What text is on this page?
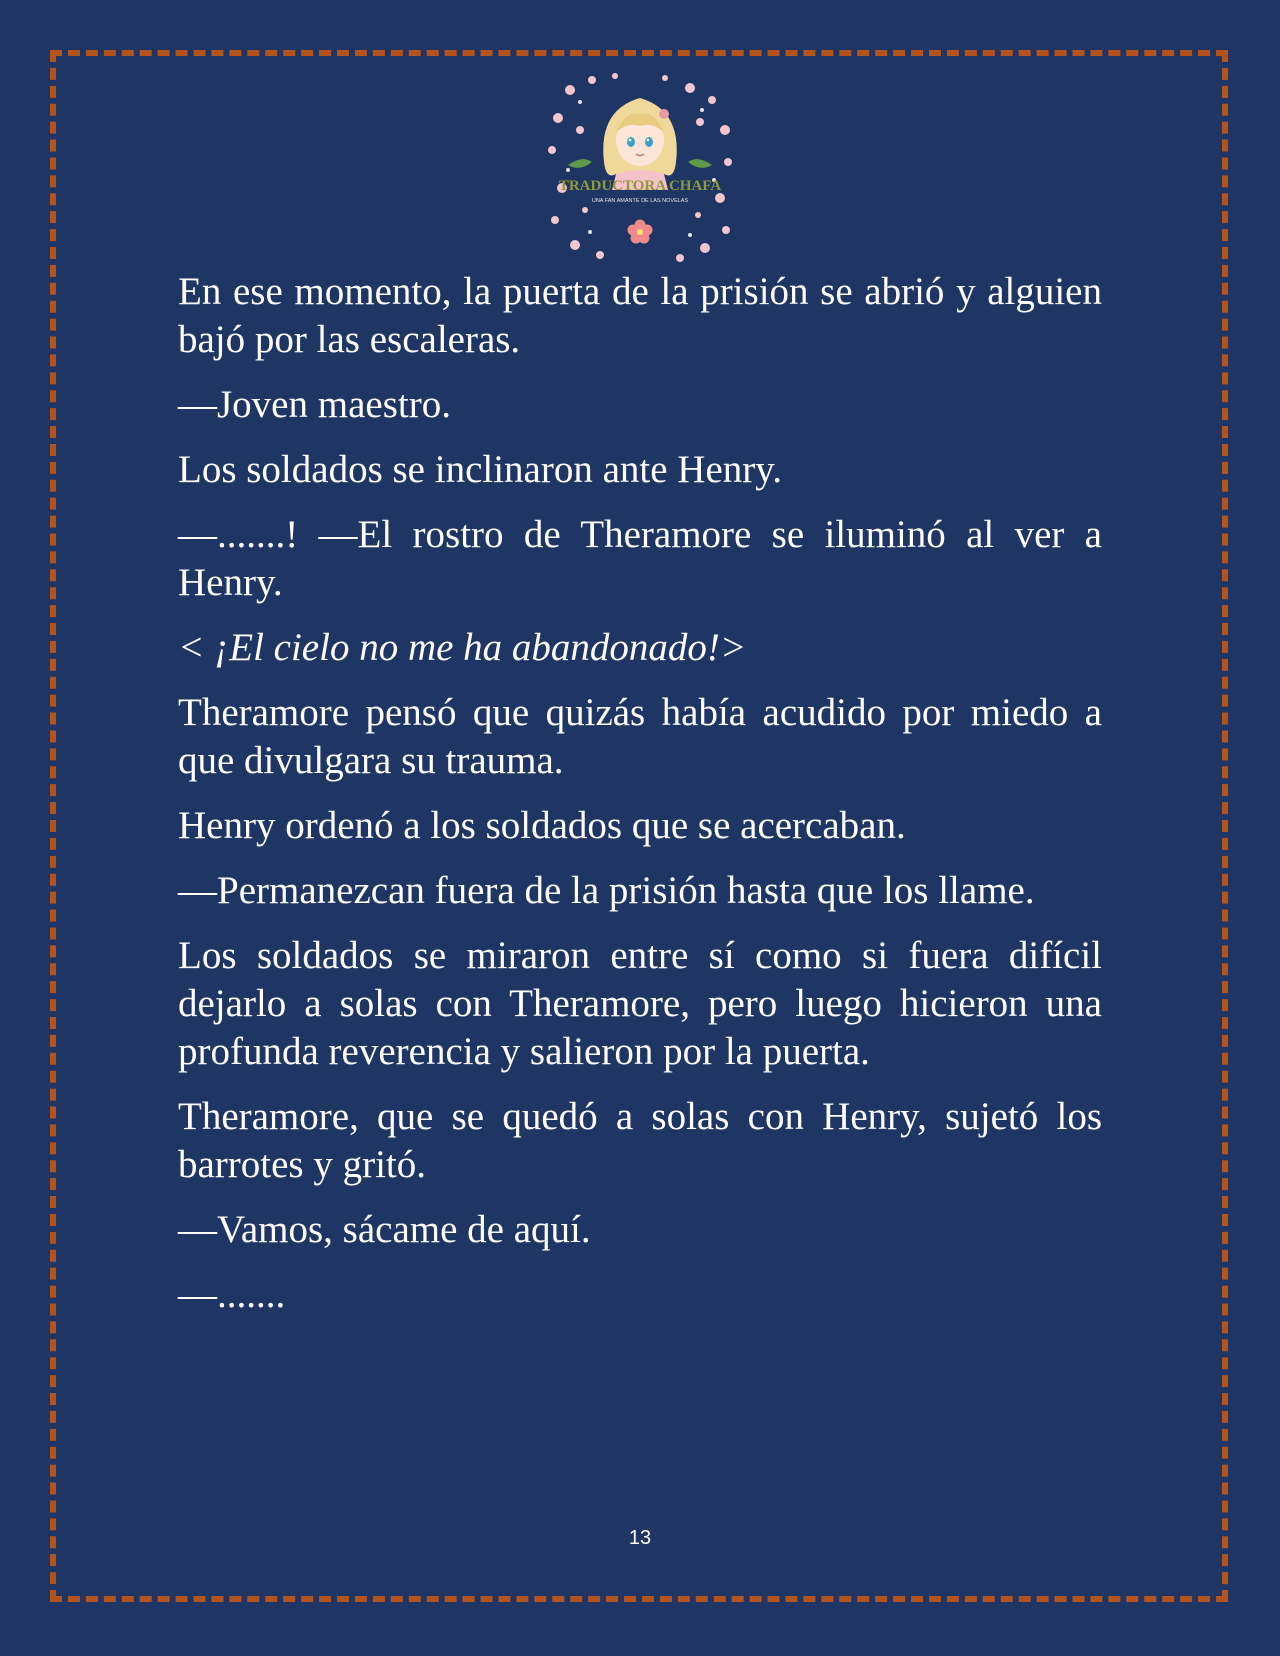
TRADUCTORA CHAFA
UNA FAN AMANTE DE LAS NOVELAS

En ese momento, la puerta de la prisión se abrió y alguien bajó por las escaleras.

—Joven maestro.

Los soldados se inclinaron ante Henry.

—.......! —El rostro de Theramore se iluminó al ver a Henry.

< ¡El cielo no me ha abandonado!>

Theramore pensó que quizás había acudido por miedo a que divulgara su trauma.

Henry ordenó a los soldados que se acercaban.

—Permanezcan fuera de la prisión hasta que los llame.

Los soldados se miraron entre sí como si fuera difícil dejarlo a solas con Theramore, pero luego hicieron una profunda reverencia y salieron por la puerta.

Theramore, que se quedó a solas con Henry, sujetó los barrotes y gritó.

—Vamos, sácame de aquí.

—.......

13
